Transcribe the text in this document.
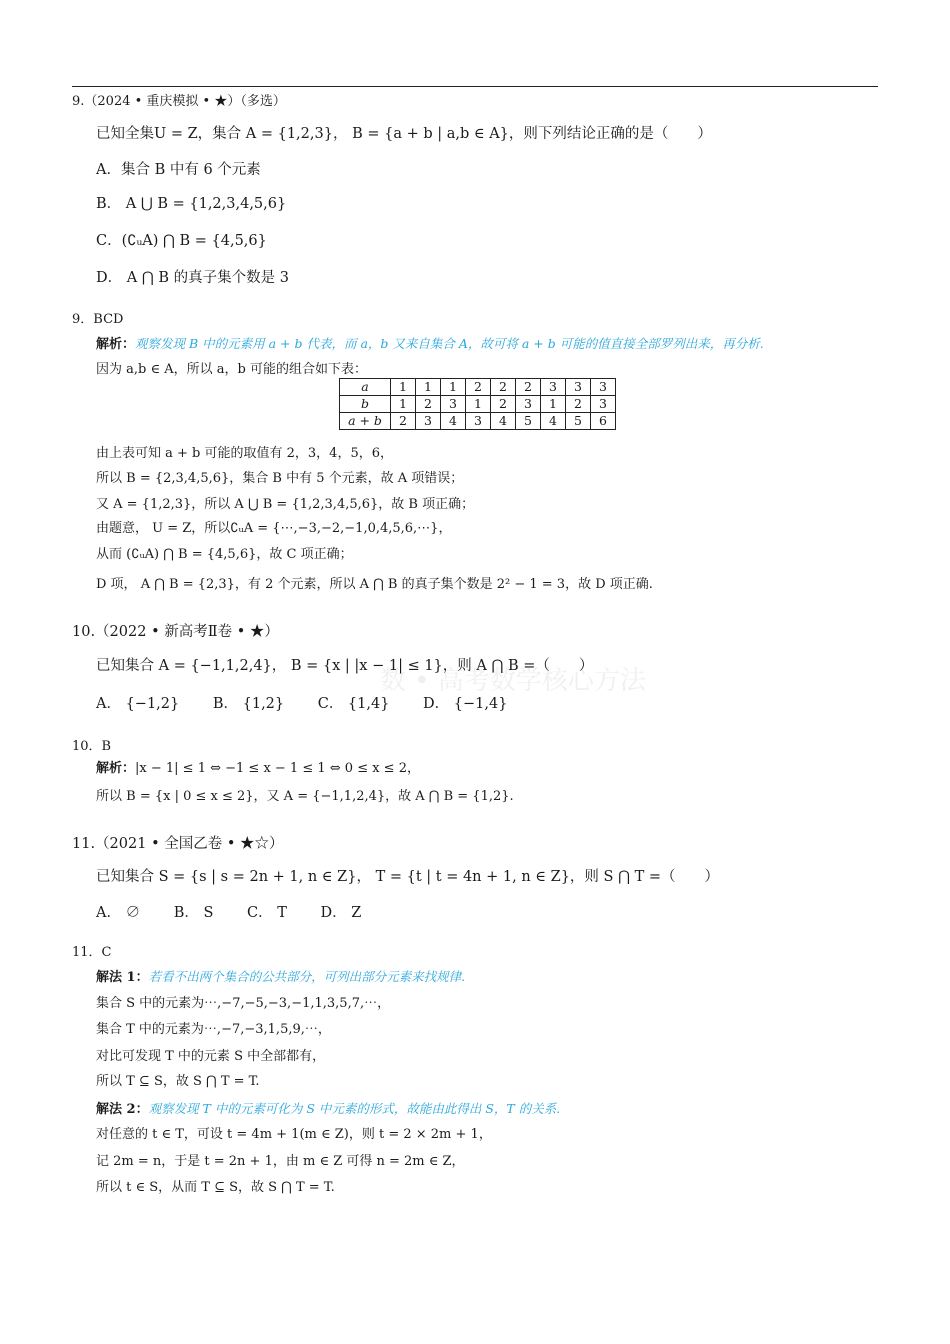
数 • 高考数学核心方法
9.（2024 • 重庆模拟 • ★）（多选）
已知全集U = Z，集合 A = {1,2,3}， B = {a + b | a,b ∈ A}，则下列结论正确的是（　　）
A．集合 B 中有 6 个元素
B． A ⋃ B = {1,2,3,4,5,6}
C．(∁ᵤA) ⋂ B = {4,5,6}
D． A ⋂ B 的真子集个数是 3
9．BCD
解析：观察发现 B 中的元素用 a + b 代表，而 a，b 又来自集合 A，故可将 a + b 可能的值直接全部罗列出来，再分析.
因为 a,b ∈ A，所以 a，b 可能的组合如下表：
a	1	1	1	2	2	2	3	3	3
b	1	2	3	1	2	3	1	2	3
a + b	2	3	4	3	4	5	4	5	6
由上表可知 a + b 可能的取值有 2，3，4，5，6，
所以 B = {2,3,4,5,6}，集合 B 中有 5 个元素，故 A 项错误；
又 A = {1,2,3}，所以 A ⋃ B = {1,2,3,4,5,6}，故 B 项正确；
由题意， U = Z，所以∁ᵤA = {⋯,−3,−2,−1,0,4,5,6,⋯}，
从而 (∁ᵤA) ⋂ B = {4,5,6}，故 C 项正确；
D 项， A ⋂ B = {2,3}，有 2 个元素，所以 A ⋂ B 的真子集个数是 2² − 1 = 3，故 D 项正确.
10.（2022 • 新高考Ⅱ卷 • ★）
已知集合 A = {−1,1,2,4}， B = {x | |x − 1| ≤ 1}，则 A ⋂ B =（　　）
A． {−1,2}　　 B． {1,2}　　 C． {1,4}　　 D． {−1,4}
10．B
解析：|x − 1| ≤ 1 ⇔ −1 ≤ x − 1 ≤ 1 ⇔ 0 ≤ x ≤ 2，
所以 B = {x | 0 ≤ x ≤ 2}，又 A = {−1,1,2,4}，故 A ⋂ B = {1,2}.
11.（2021 • 全国乙卷 • ★☆）
已知集合 S = {s | s = 2n + 1, n ∈ Z}， T = {t | t = 4n + 1, n ∈ Z}，则 S ⋂ T =（　　）
A． ∅　　 B． S　　 C． T　　 D． Z
11．C
解法 1：若看不出两个集合的公共部分，可列出部分元素来找规律.
集合 S 中的元素为⋯,−7,−5,−3,−1,1,3,5,7,⋯，
集合 T 中的元素为⋯,−7,−3,1,5,9,⋯，
对比可发现 T 中的元素 S 中全部都有，
所以 T ⊆ S，故 S ⋂ T = T.
解法 2：观察发现 T 中的元素可化为 S 中元素的形式，故能由此得出 S，T 的关系.
对任意的 t ∈ T，可设 t = 4m + 1(m ∈ Z)，则 t = 2 × 2m + 1，
记 2m = n，于是 t = 2n + 1，由 m ∈ Z 可得 n = 2m ∈ Z，
所以 t ∈ S，从而 T ⊆ S，故 S ⋂ T = T.
